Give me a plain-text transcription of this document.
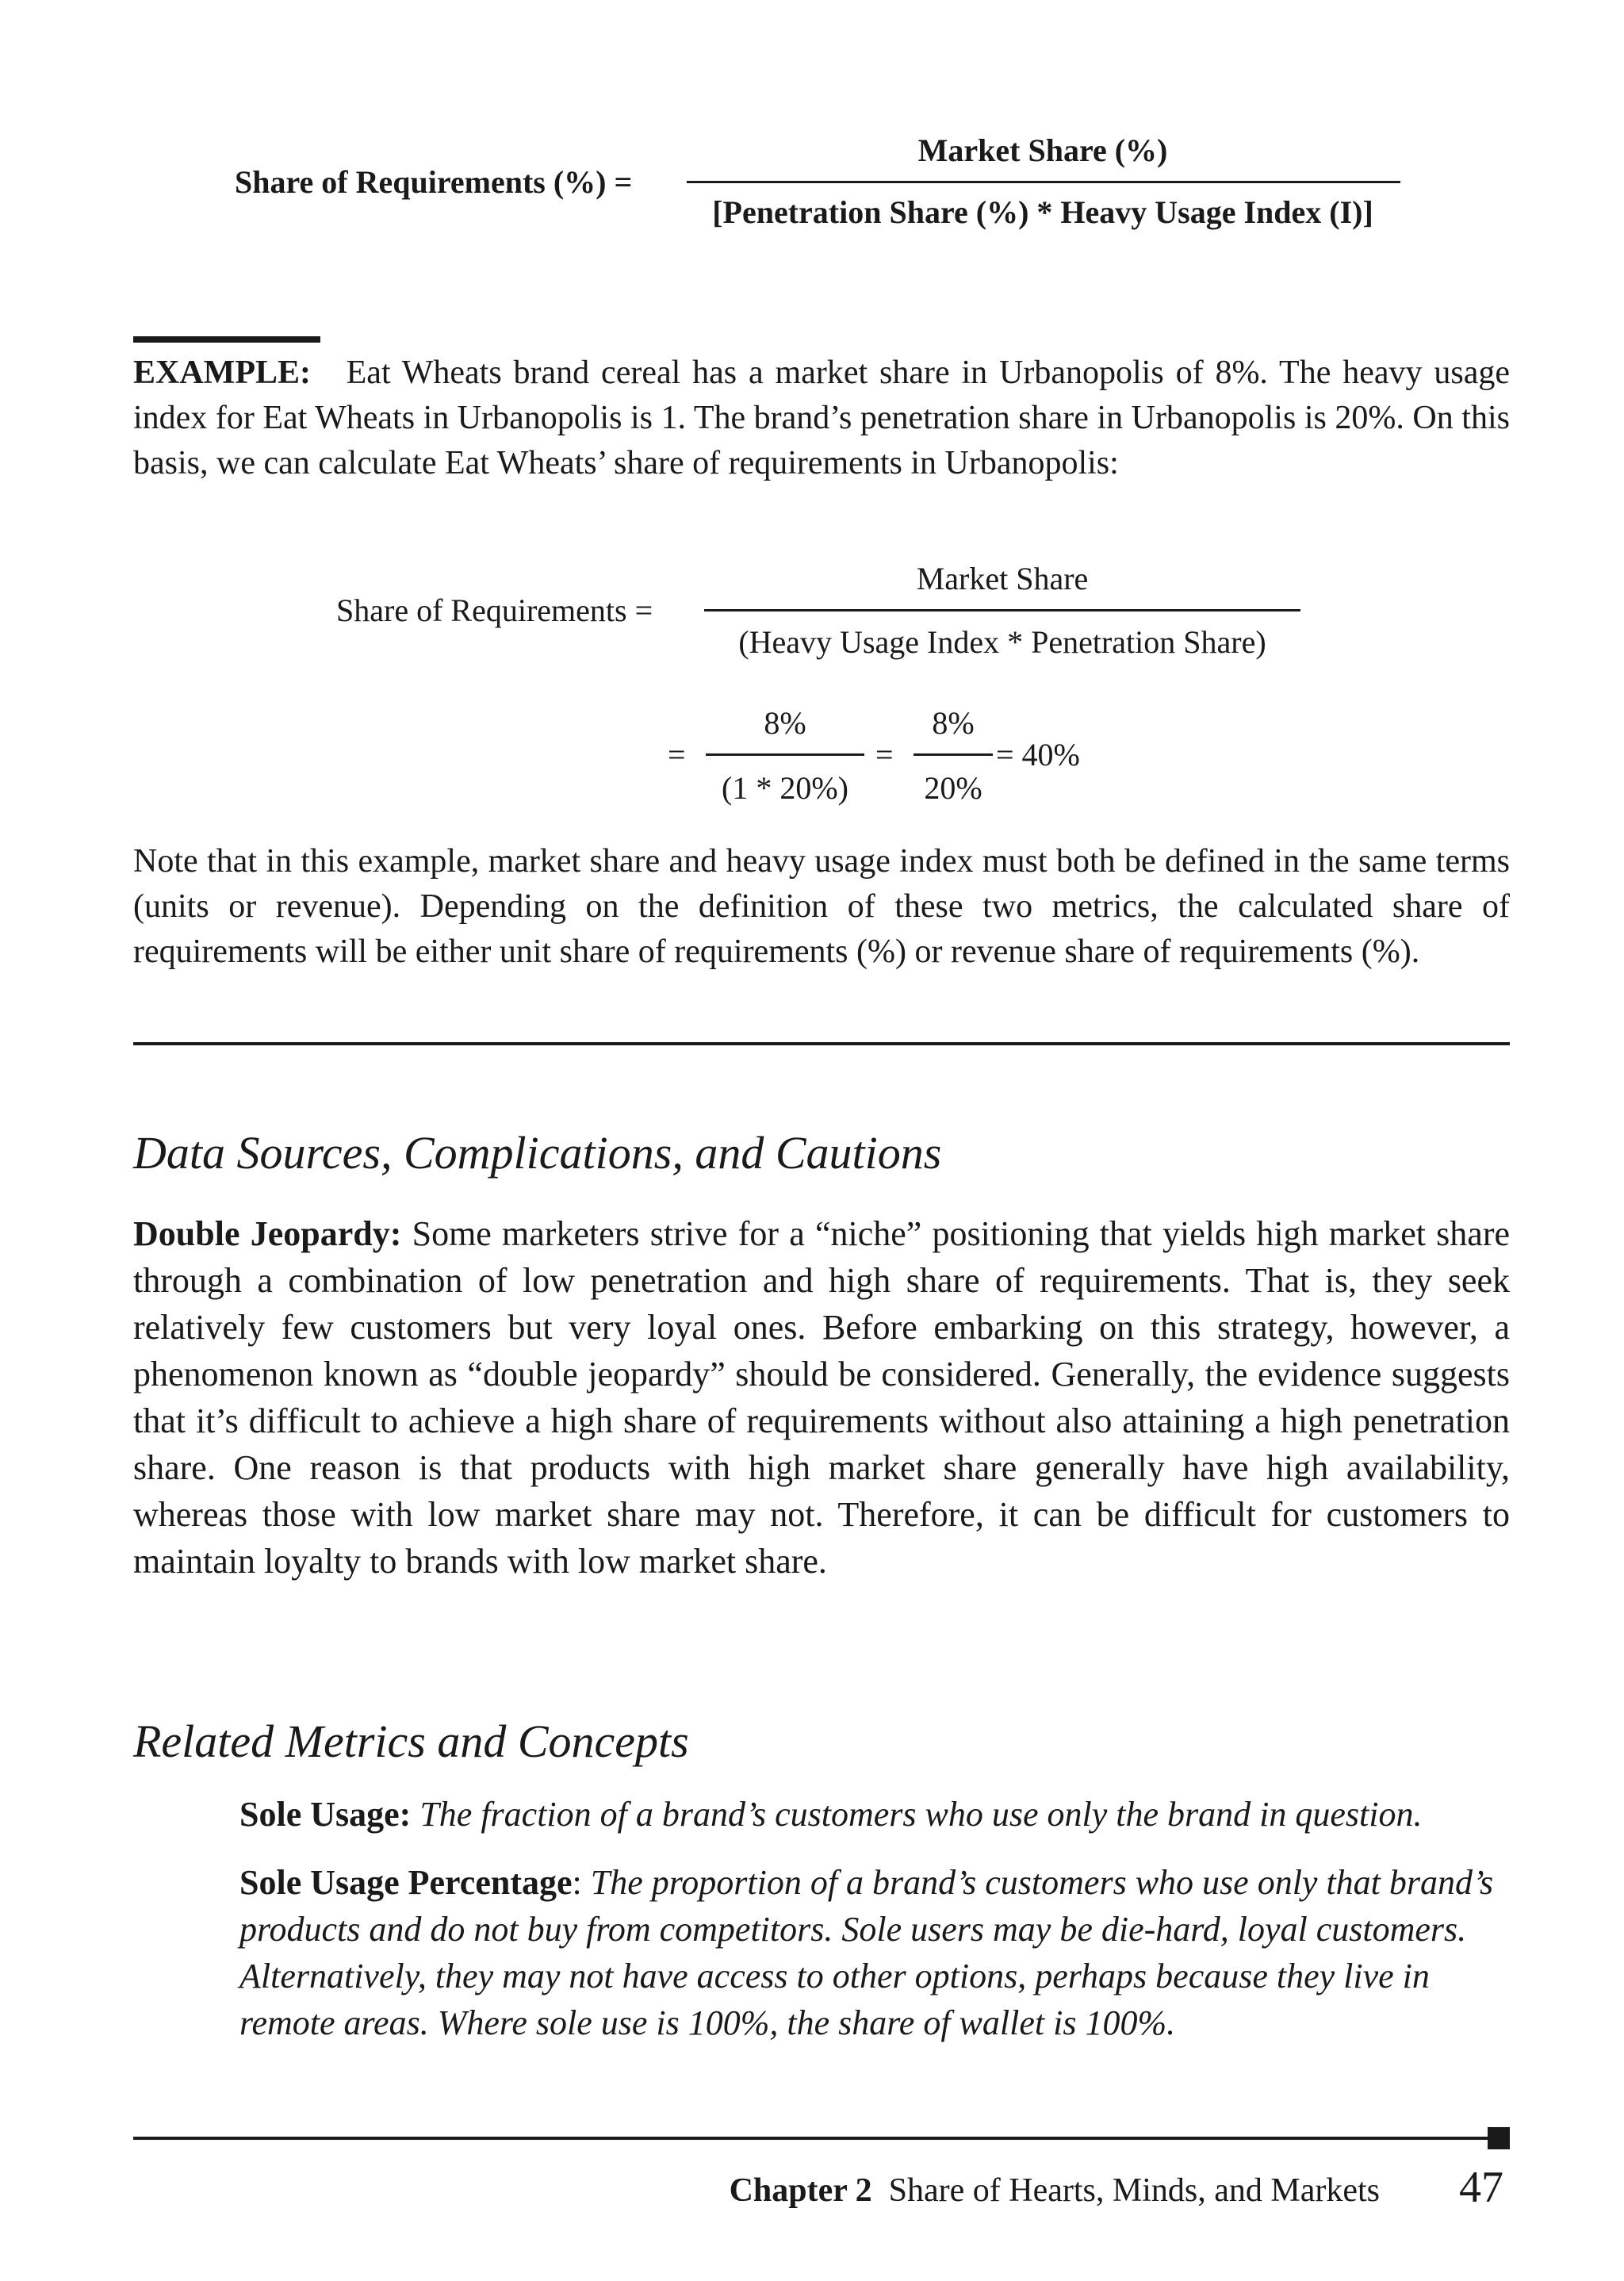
Share of Requirements (%) =
Market Share (%)
[Penetration Share (%) * Heavy Usage Index (I)]

EXAMPLE: Eat Wheats brand cereal has a market share in Urbanopolis of 8%. The heavy usage index for Eat Wheats in Urbanopolis is 1. The brand’s penetration share in Urbanopolis is 20%. On this basis, we can calculate Eat Wheats’ share of requirements in Urbanopolis:

Share of Requirements =
Market Share
(Heavy Usage Index * Penetration Share)
=
8%
(1 * 20%)
=
8%
20%
= 40%

Note that in this example, market share and heavy usage index must both be defined in the same terms (units or revenue). Depending on the definition of these two metrics, the calculated share of requirements will be either unit share of requirements (%) or revenue share of requirements (%).

Data Sources, Complications, and Cautions

Double Jeopardy: Some marketers strive for a “niche” positioning that yields high market share through a combination of low penetration and high share of requirements. That is, they seek relatively few customers but very loyal ones. Before embarking on this strategy, however, a phenomenon known as “double jeopardy” should be considered. Generally, the evidence suggests that it’s difficult to achieve a high share of requirements without also attaining a high penetration share. One reason is that products with high market share generally have high availability, whereas those with low market share may not. Therefore, it can be difficult for customers to maintain loyalty to brands with low market share.

Related Metrics and Concepts

Sole Usage: The fraction of a brand’s customers who use only the brand in question.

Sole Usage Percentage: The proportion of a brand’s customers who use only that brand’s products and do not buy from competitors. Sole users may be die-hard, loyal customers. Alternatively, they may not have access to other options, perhaps because they live in remote areas. Where sole use is 100%, the share of wallet is 100%.

Chapter 2 Share of Hearts, Minds, and Markets 47
